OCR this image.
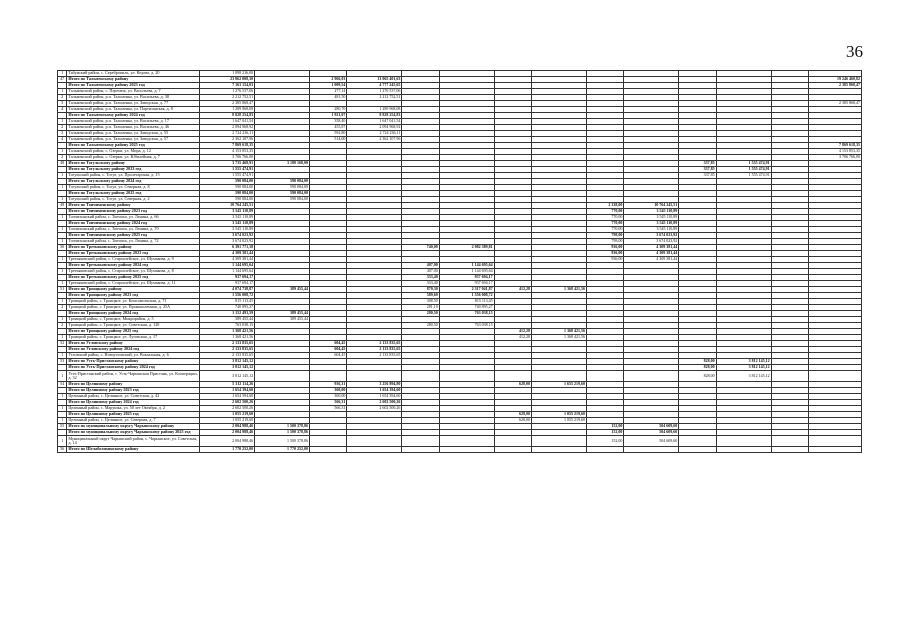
36
1	Табунский район, с. Серебропиль, ул. Кедова, д. 20	1 898 216,00													
47	Итого по Тальменскому району	23 862 008,30		2 966,03	13 065 401,63										19 246 460,82
	Итого по Тальменскому району 2023 год	7 163 154,03		1 009,54	4 777 245,65										2 385 868,47
1	Тальменский район, с. Перемеж, ул. Васильева, д. 7	1 276 537,06		277,14	1 276 537,06										
2	Тальменский район, р.п. Тальменка, ул. Васильева, д. 38	2 212 752,51		481,50	2 212 752,51										
3	Тальменский район, р.п. Тальменка, ул. Заводская, д. 77	2 385 868,47													2 385 868,47
4	Тальменский район, р.п. Тальменка, ул. Партизанская, д. 8	1 289 968,08		280,70	1 289 968,08										
	Итого по Тальменскому району 2024 год	8 828 254,83		1 921,07	8 828 254,83										
1	Тальменский район, р.п. Тальменка, ул. Васильева, д. 17	1 647 041,54		358,40	1 647 041,54										
2	Тальменский район, р.п. Тальменка, ул. Васильева, д. 46	2 094 968,92		455,87	2 094 968,92										
3	Тальменский район, р.п. Тальменка, ул. Заводская, д. 55	2 724 236,11		592,80	2 724 236,11										
4	Тальменский район, р.п. Тальменка, ул. Заводская, д. 57	2 362 107,96		514,00	2 362 107,96										
	Итого по Тальменскому району 2025 год	7 869 618,35													7 869 618,35
1	Тальменский район, с. Озерки, ул. Мира, д. 12	4 153 853,35													4 153 853,35
2	Тальменский район, с. Озерки, ул. Юбилейная, д. 7	3 706 766,00													3 706 766,00
48	Итого по Тогульскому району	3 735 468,91	3 180 168,00									337,85	1 555 474,91		
	Итого по Тогульскому району 2023 год	1 555 474,91										337,85	1 555 474,91		
1	Тогульский район, с. Тогул, ул. Пролетарская, д. 15	1 555 474,91										337,85	1 555 474,91		
	Итого по Тогульскому району 2024 год	590 084,00	590 084,00												
1	Тогульский район, с. Тогул, ул. Северная, д. 8	590 084,00	590 084,00												
	Итого по Тогульскому району 2025 год	590 084,00	590 084,00												
1	Тогульский район, с. Тогул, ул. Северная, д. 2	590 084,00	590 084,00												
49	Итого по Топчихинскому району	10 764 245,51								2 338,00	10 764 245,51				
	Итого по Топчихинскому району 2023 год	3 545 110,89								770,00	3 545 110,89				
1	Топчихинский район, с. Топчиха, ул. Ленина, д. 66	3 545 110,89								770,00	3 545 110,89				
	Итого по Топчихинскому району 2024 год	3 545 110,89								770,00	3 545 110,89				
1	Топчихинский район, с. Топчиха, ул. Ленина, д. 70	3 545 110,89								770,00	3 545 110,89				
	Итого по Топчихинскому району 2025 год	3 674 023,92								798,00	3 674 023,92				
1	Топчихинский район, с. Топчиха, ул. Ленина, д. 72	3 674 023,92								798,00	3 674 023,92				
50	Итого по Третьяковскому району	6 391 771,18				740,00	2 082 389,81			936,00	4 309 381,44				
	Итого по Третьяковскому району 2023 год	4 309 381,44								936,00	4 309 381,44				
1	Третьяковский район, с. Староалейское, ул. Шумакова, д. 9	4 309 381,44								936,00	4 309 381,44				
	Итого по Третьяковскому району 2024 год	1 144 695,64				407,00	1 144 695,64								
1	Третьяковский район, с. Староалейское, ул. Шумакова, д. 8	1 144 695,64				407,00	1 144 695,64								
	Итого по Третьяковскому району 2025 год	937 694,17				333,40	937 694,17								
1	Третьяковский район, с. Староалейское, ул. Шумакова, д. 11	937 694,17				333,40	937 694,17								
51	Итого по Троицкому району	4 074 738,87	389 455,44			870,30	2 317 041,87	412,28	1 368 421,56						
	Итого по Троицкому району 2023 год	1 556 008,72				589,60	1 556 008,72								
1	Троицкий район, с. Троицкое, ул. Комсомольская, д. 71	815 113,45				308,50	815 113,45								
2	Троицкий район, с. Троицкое, ул. Промышленная, д. 25А	740 895,27				281,10	740 895,27								
	Итого по Троицкому району 2024 год	1 152 493,59	389 455,44			280,50	763 038,15								
1	Троицкий район, с. Троицкое, Микрорайон, д. 5	389 455,44	389 455,44												
2	Троицкий район, с. Троицкое, ул. Советская, д. 120	763 038,15				280,50	763 038,15								
	Итого по Троицкому району 2025 год	1 368 421,56						412,28	1 368 421,56						
1	Троицкий район, с. Троицкое, ул. Луговская, д. 17	1 368 421,56						412,28	1 368 421,56						
52	Итого по Угловскому району	2 133 835,65		604,45	2 133 835,65										
	Итого по Угловскому району 2024 год	2 133 835,65		604,45	2 133 835,65										
1	Угловский район, с. Новоугловский, ул. Вокзальная, д. 6	2 133 835,65		604,45	2 133 835,65										
53	Итого по Усть-Пристанскому району	3 812 145,12										828,00	3 812 145,12		
	Итого по Усть-Пристанскому району 2024 год	3 812 145,12										828,00	3 812 145,12		
1	Усть-Пристанский район, с. Усть-Чарышская Пристань, ул. Кооперации, д. 32	3 812 145,12										828,00	3 812 145,12		
54	Итого по Целинному району	5 312 114,26		936,31	3 256 894,80			628,00	1 655 219,60						
	Итого по Целинному району 2023 год	1 654 394,60		360,00	1 654 394,60										
1	Целинный район, с. Целинное, ул. Советская, д. 42	1 654 394,60		360,00	1 654 394,60										
	Итого по Целинному району 2024 год	2 602 500,26		566,31	2 602 500,26										
1	Целинный район, с. Марушка, ул. 50 лет Октября, д. 2	2 602 500,26		566,31	2 602 500,26										
	Итого по Целинному району 2025 год	1 055 219,60						628,00	1 055 219,60						
1	Целинный район, с. Целинное, ул. Северная, д. 7	1 055 219,60						628,00	1 055 219,60						
55	Итого по муниципальному округу Чарышскому району	2 004 988,46	1 500 378,86							152,00	504 609,60				
	Итого по муниципальному округу Чарышскому району 2025 год	2 004 988,46	1 500 378,86							152,00	504 609,60				
1	Муниципальный округ Чарышский район, с. Чарышское, ул. Советская, д. 14	2 004 988,46	1 500 378,86							152,00	504 609,60				
56	Итого по Шелаболихинскому району	1 770 252,00	1 770 252,00												
